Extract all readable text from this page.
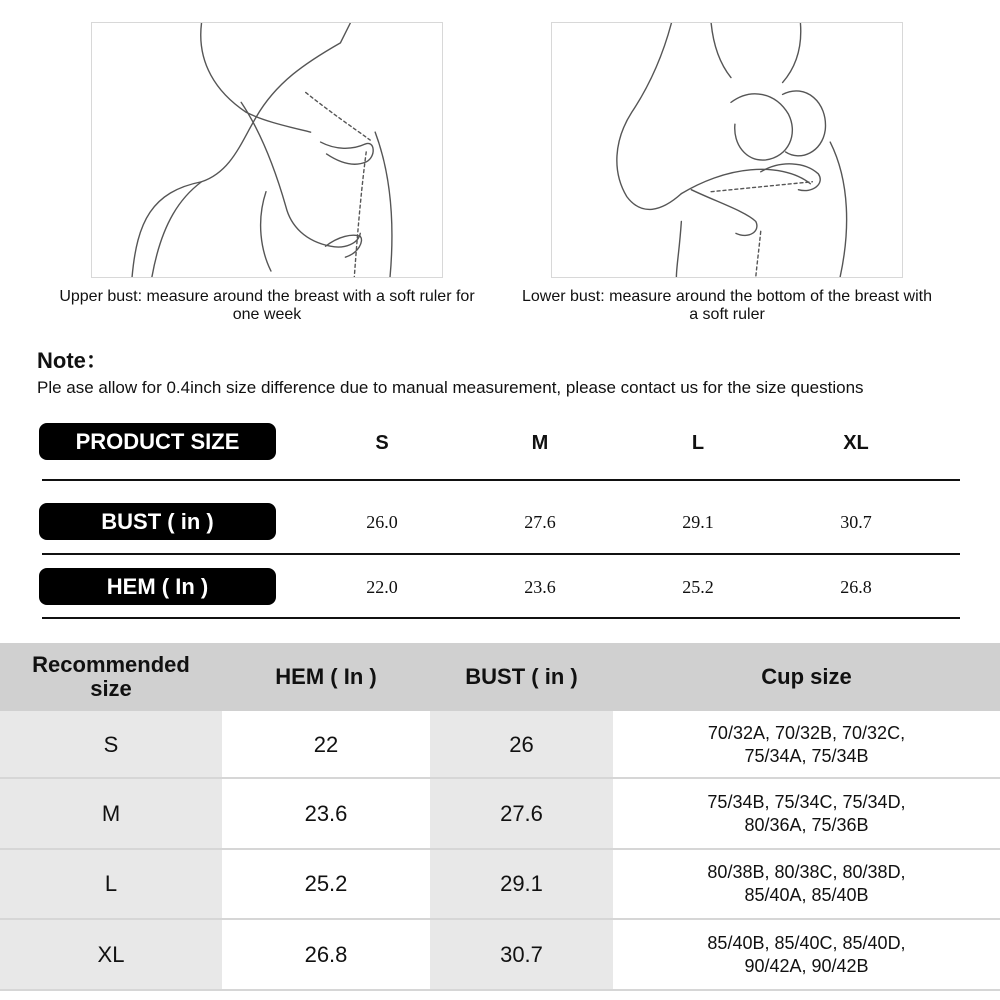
Upper bust: measure around the breast with a soft ruler for one week
Lower bust: measure around the bottom of the breast with a soft ruler
Note：
Ple ase allow for 0.4inch size difference due to manual measurement, please contact us for the size questions
PRODUCT SIZE	S	M	L	XL
BUST ( in )	26.0	27.6	29.1	30.7
HEM ( In )	22.0	23.6	25.2	26.8
Recommended size	HEM ( In )	BUST ( in )	Cup size
S	22	26	70/32A, 70/32B, 70/32C,
75/34A, 75/34B
M	23.6	27.6	75/34B, 75/34C, 75/34D,
80/36A, 75/36B
L	25.2	29.1	80/38B, 80/38C, 80/38D,
85/40A, 85/40B
XL	26.8	30.7	85/40B, 85/40C, 85/40D,
90/42A, 90/42B
